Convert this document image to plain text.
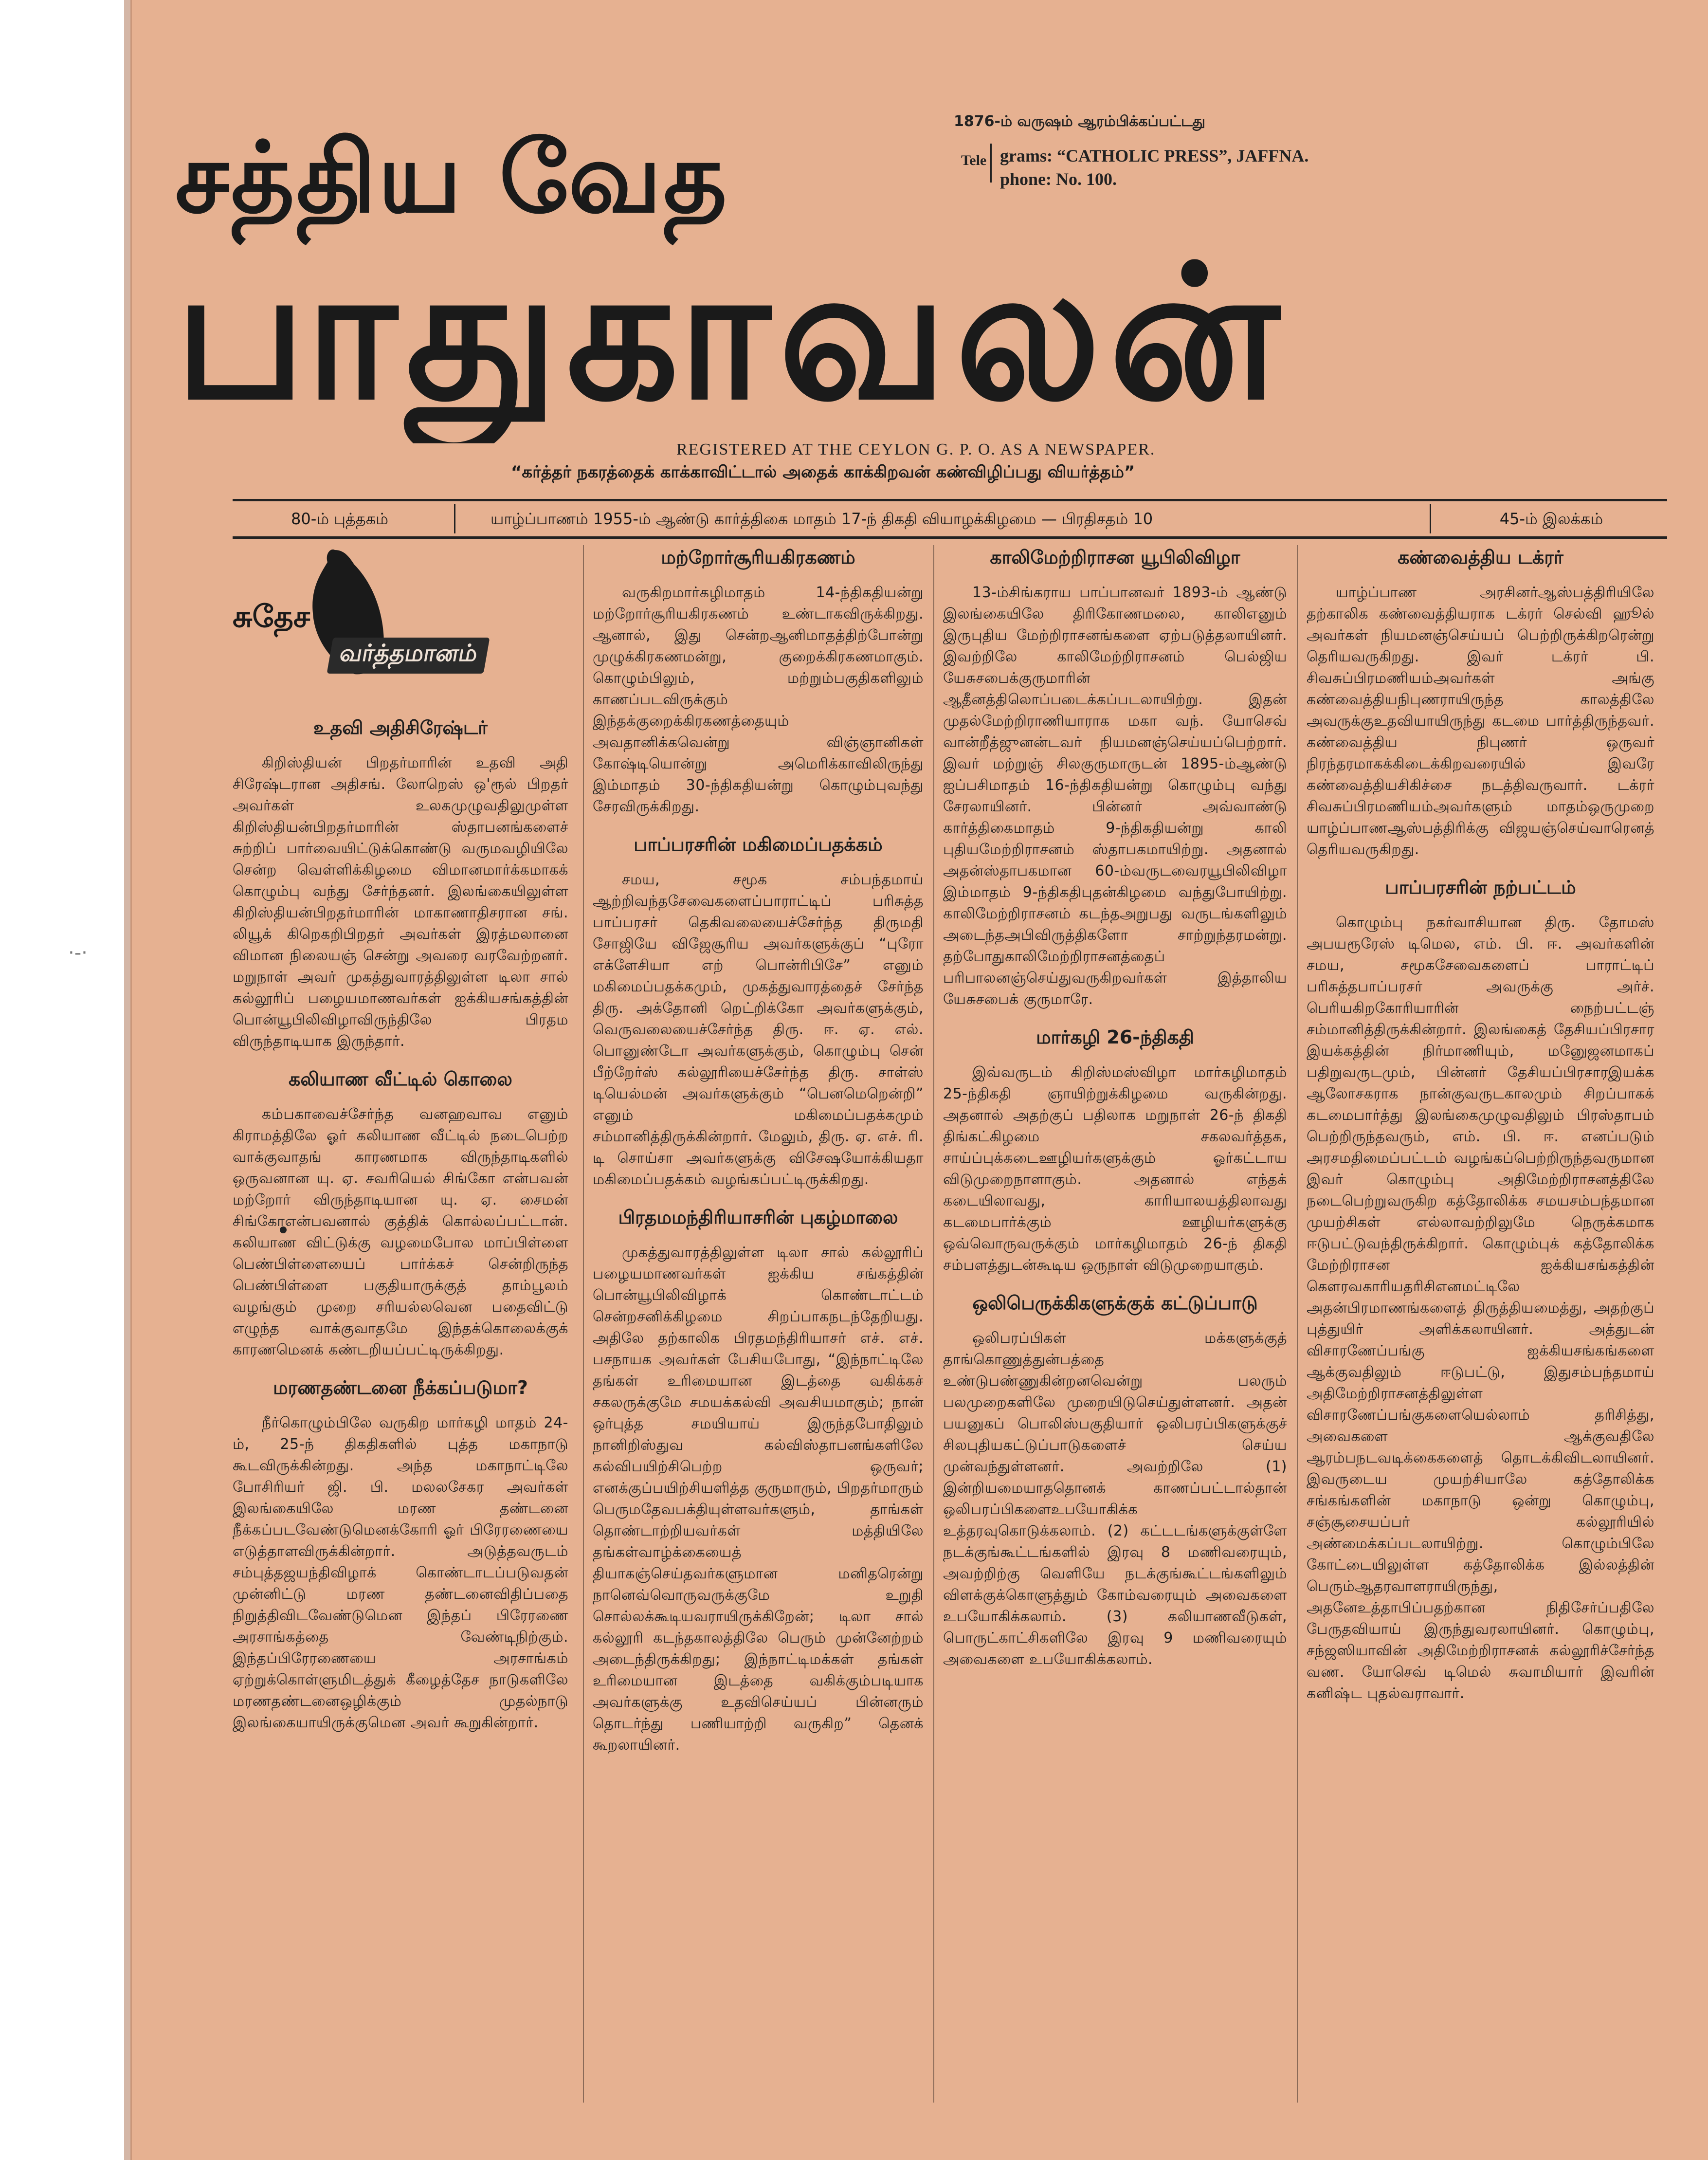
·-·
சத்திய வேத
பாதுகாவலன்
1876-ம் வருஷம் ஆரம்பிக்கப்பட்டது
Tele grams: “CATHOLIC PRESS”, JAFFNA.
phone: No. 100.
REGISTERED AT THE CEYLON G. P. O. AS A NEWSPAPER.
“கர்த்தர் நகரத்தைக் காக்காவிட்டால் அதைக் காக்கிறவன் கண்விழிப்பது வியர்த்தம்”
80-ம் புத்தகம்	யாழ்ப்பாணம் 1955-ம் ஆண்டு கார்த்திகை மாதம் 17-ந் திகதி வியாழக்கிழமை — பிரதிசதம் 10	45-ம் இலக்கம்
சுதேச
வர்த்தமானம்
உதவி அதிசிரேஷ்டர்
கிறிஸ்தியன் பிறதர்மாரின் உதவி அதி சிரேஷ்டரான அதிசங். லோறெஸ் ஒ'ரூல் பிறதர் அவர்கள் உலகமுழுவதிலுமுள்ள கிறிஸ்தியன்பிறதர்மாரின் ஸ்தாபனங்களைச் சுற்றிப் பார்வையிட்டுக்கொண்டு வருமவழியிலே சென்ற வெள்ளிக்கிழமை விமானமார்க்கமாகக் கொழும்பு வந்து சேர்ந்தனர். இலங்கையிலுள்ள கிறிஸ்தியன்பிறதர்மாரின் மாகாணாதிசரான சங். லியூக் கிறெகறிபிறதர் அவர்கள் இரத்மலானை விமான நிலையஞ் சென்று அவரை வரவேற்றனர். மறுநாள் அவர் முகத்துவாரத்திலுள்ள டிலா சால் கல்லூரிப் பழையமாணவர்கள் ஐக்கியசங்கத்தின் பொன்யூபிலிவிழாவிருந்திலே பிரதம விருந்தாடியாக இருந்தார்.
கலியாண வீட்டில் கொலை
கம்பகாவைச்சேர்ந்த வனஹவாவ எனும் கிராமத்திலே ஓர் கலியாண வீட்டில் நடைபெற்ற வாக்குவாதங் காரணமாக விருந்தாடிகளில் ஒருவனான யு. ஏ. சவரியெல் சிங்கோ என்பவன் மற்றோர் விருந்தாடியான யு. ஏ. சைமன் சிங்கோஎன்பவனால் குத்திக் கொல்லப்பட்டான். கலியாண விட்டுக்கு வழமைபோல மாப்பிள்ளை பெண்பிள்ளையைப் பார்க்கச் சென்றிருந்த பெண்பிள்ளை பகுதியாருக்குத் தாம்பூலம் வழங்கும் முறை சரியல்லவென பதைவிட்டு எழுந்த வாக்குவாதமே இந்தக்கொலைக்குக் காரணமெனக் கண்டறியப்பட்டிருக்கிறது.
மரணதண்டனை நீக்கப்படுமா?
நீர்கொழும்பிலே வருகிற மார்கழி மாதம் 24-ம், 25-ந் திகதிகளில் புத்த மகாநாடு கூடவிருக்கின்றது. அந்த மகாநாட்டிலே போசிரியர் ஜி. பி. மலலசேகர அவர்கள் இலங்கையிலே மரண தண்டனை நீக்கப்படவேண்டுமெனக்கோரி ஓர் பிரேரணையை எடுத்தாளவிருக்கின்றார். அடுத்தவருடம் சம்புத்தஜயந்திவிழாக் கொண்டாடப்படுவதன் முன்னிட்டு மரண தண்டனைவிதிப்பதை நிறுத்திவிடவேண்டுமென இந்தப் பிரேரணை அரசாங்கத்தை வேண்டிநிற்கும். இந்தப்பிரேரணையை அரசாங்கம் ஏற்றுக்கொள்ளுமிடத்துக் கீழைத்தேச நாடுகளிலே மரணதண்டனைஒழிக்கும் முதல்நாடு இலங்கையாயிருக்குமென அவர் கூறுகின்றார்.
மற்றோர்சூரியகிரகணம்
வருகிறமார்கழிமாதம் 14-ந்திகதியன்று மற்றோர்சூரியகிரகணம் உண்டாகவிருக்கிறது. ஆனால், இது சென்றஆனிமாதத்திற்போன்று முழுக்கிரகணமன்று, குறைக்கிரகணமாகும். கொழும்பிலும், மற்றும்பகுதிகளிலும் காணப்படவிருக்கும் இந்தக்குறைக்கிரகணத்தையும் அவதானிக்கவென்று விஞ்ஞானிகள் கோஷ்டியொன்று அமெரிக்காவிலிருந்து இம்மாதம் 30-ந்திகதியன்று கொழும்புவந்து சேரவிருக்கிறது.
பாப்பரசரின் மகிமைப்பதக்கம்
சமய, சமூக சம்பந்தமாய் ஆற்றிவந்தசேவைகளைப்பாராட்டிப் பரிசுத்த பாப்பரசர் தெகிவலையைச்சேர்ந்த திருமதி சோஜியே விஜேசூரிய அவர்களுக்குப் “புரோ எக்ளேசியா எற் பொன்ரிபிசே” எனும் மகிமைப்பதக்கமும், முகத்துவாரத்தைச் சேர்ந்த திரு. அக்தோனி றெட்றிக்கோ அவர்களுக்கும், வெருவலையைச்சேர்ந்த திரு. ஈ. ஏ. எல். பொனுண்டோ அவர்களுக்கும், கொழும்பு சென் பீற்றேர்ஸ் கல்லூரியைச்சேர்ந்த திரு. சாள்ஸ் டியெல்மன் அவர்களுக்கும் “பெனமெறென்றி” எனும் மகிமைப்பதக்கமும் சம்மானித்திருக்கின்றார். மேலும், திரு. ஏ. எச். ரி. டி சொய்சா அவர்களுக்கு விசேஷயோக்கியதா மகிமைப்பதக்கம் வழங்கப்பட்டிருக்கிறது.
பிரதமமந்திரியாசரின் புகழ்மாலை
முகத்துவாரத்திலுள்ள டிலா சால் கல்லூரிப் பழையமாணவர்கள் ஐக்கிய சங்கத்தின் பொன்யூபிலிவிழாக் கொண்டாட்டம் சென்றசனிக்கிழமை சிறப்பாகநடந்தேறியது. அதிலே தற்காலிக பிரதமந்திரியாசர் எச். எச். பசநாயக அவர்கள் பேசியபோது, “இந்நாட்டிலே தங்கள் உரிமையான இடத்தை வகிக்கச் சகலருக்குமே சமயக்கல்வி அவசியமாகும்; நான் ஒர்புத்த சமயியாய் இருந்தபோதிலும் நானிறிஸ்துவ கல்விஸ்தாபனங்களிலே கல்விபயிற்சிபெற்ற ஒருவர்; எனக்குப்பயிற்சியளித்த குருமாரும், பிறதர்மாரும் பெருமதேவபக்தியுள்ளவர்களும், தாங்கள் தொண்டாற்றியவர்கள் மத்தியிலே தங்கள்வாழ்க்கையைத் தியாகஞ்செய்தவர்களுமான மனிதரென்று நானெவ்வொருவருக்குமே உறுதி சொல்லக்கூடியவராயிருக்கிறேன்; டிலா சால் கல்லூரி கடந்தகாலத்திலே பெரும் முன்னேற்றம் அடைந்திருக்கிறது; இந்நாட்டிமக்கள் தங்கள் உரிமையான இடத்தை வகிக்கும்படியாக அவர்களுக்கு உதவிசெய்யப் பின்னரும் தொடர்ந்து பணியாற்றி வருகிற” தெனக் கூறலாயினர்.
காலிமேற்றிராசன யூபிலிவிழா
13-ம்சிங்கராய பாப்பானவர் 1893-ம் ஆண்டு இலங்கையிலே திரிகோணமலை, காலிஎனும் இருபுதிய மேற்றிராசனங்களை ஏற்படுத்தலாயினர். இவற்றிலே காலிமேற்றிராசனம் பெல்ஜிய யேசுசபைக்குருமாரின் ஆதீனத்திலொப்படைக்கப்படலாயிற்று. இதன் முதல்மேற்றிராணியாராக மகா வந். யோசெவ் வான்றீத்ஜுனன்டவர் நியமனஞ்செய்யப்பெற்றார். இவர் மற்றுஞ் சிலகுருமாருடன் 1895-ம்ஆண்டு ஐப்பசிமாதம் 16-ந்திகதியன்று கொழும்பு வந்து சேரலாயினர். பின்னர் அவ்வாண்டு கார்த்திகைமாதம் 9-ந்திகதியன்று காலி புதியமேற்றிராசனம் ஸ்தாபகமாயிற்று. அதனால் அதன்ஸ்தாபகமான 60-ம்வருடவைரயூபிலிவிழா இம்மாதம் 9-ந்திகதிபுதன்கிழமை வந்துபோயிற்று. காலிமேற்றிராசனம் கடந்தஅறுபது வருடங்களிலும் அடைந்தஅபிவிருத்திகளோ சாற்றுந்தரமன்று. தற்போதுகாலிமேற்றிராசனத்தைப் பரிபாலனஞ்செய்துவருகிறவர்கள் இத்தாலிய யேசுசபைக் குருமாரே.
மார்கழி 26-ந்திகதி
இவ்வருடம் கிறிஸ்மஸ்விழா மார்கழிமாதம் 25-ந்திகதி ஞாயிற்றுக்கிழமை வருகின்றது. அதனால் அதற்குப் பதிலாக மறுநாள் 26-ந் திகதி திங்கட்கிழமை சகலவர்த்தக, சாய்ப்புக்கடைஊழியர்களுக்கும் ஓர்கட்டாய விடுமுறைநாளாகும். அதனால் எந்தக் கடையிலாவது, காரியாலயத்திலாவது கடமைபார்க்கும் ஊழியர்களுக்கு ஒவ்வொருவருக்கும் மார்கழிமாதம் 26-ந் திகதி சம்பளத்துடன்கூடிய ஒருநாள் விடுமுறையாகும்.
ஒலிபெருக்கிகளுக்குக் கட்டுப்பாடு
ஒலிபரப்பிகள் மக்களுக்குத் தாங்கொணுத்துன்பத்தை உண்டுபண்ணுகின்றனவென்று பலரும் பலமுறைகளிலே முறையிடுசெய்துள்ளனர். அதன் பயனுகப் பொலிஸ்பகுதியார் ஒலிபரப்பிகளுக்குச் சிலபுதியகட்டுப்பாடுகளைச் செய்ய முன்வந்துள்ளனர். அவற்றிலே (1) இன்றியமையாததொனக் காணப்பட்டால்தான் ஒலிபரப்பிகளைஉபயோகிக்க உத்தரவுகொடுக்கலாம். (2) கட்டடங்களுக்குள்ளே நடக்குங்கூட்டங்களில் இரவு 8 மணிவரையும், அவற்றிற்கு வெளியே நடக்குங்கூட்டங்களிலும் விளக்குக்கொளுத்தும் கோம்வரையும் அவைகளை உபயோகிக்கலாம். (3) கலியாணவீடுகள், பொருட்காட்சிகளிலே இரவு 9 மணிவரையும் அவைகளை உபயோகிக்கலாம்.
கண்வைத்திய டக்ரர்
யாழ்ப்பாண அரசினர்ஆஸ்பத்திரியிலே தற்காலிக கண்வைத்தியராக டக்ரர் செல்வி ஹூல் அவர்கள் நியமனஞ்செய்யப் பெற்றிருக்கிறரென்று தெரியவருகிறது. இவர் டக்ரர் பி. சிவசுப்பிரமணியம்அவர்கள் அங்கு கண்வைத்தியநிபுணராயிருந்த காலத்திலே அவருக்குஉதவியாயிருந்து கடமை பார்த்திருந்தவர். கண்வைத்திய நிபுணர் ஒருவர் நிரந்தரமாகக்கிடைக்கிறவரையில் இவரே கண்வைத்தியசிகிச்சை நடத்திவருவார். டக்ரர் சிவசுப்பிரமணியம்அவர்களும் மாதம்ஒருமுறை யாழ்ப்பாணஆஸ்பத்திரிக்கு விஜயஞ்செய்வாரெனத் தெரியவருகிறது.
பாப்பரசரின் நற்பட்டம்
கொழும்பு நகர்வாசியான திரு. தோமஸ் அபயரூரேஸ் டிமெல, எம். பி. ஈ. அவர்களின் சமய, சமூகசேவைகளைப் பாராட்டிப் பரிசுத்தபாப்பரசர் அவருக்கு அர்ச். பெரியகிறகோரியாரின் நைற்பட்டஞ் சம்மானித்திருக்கின்றார். இலங்கைத் தேசியப்பிரசார இயக்கத்தின் நிர்மாணியும், மனுேஜனமாகப் பதிறுவருடமும், பின்னர் தேசியப்பிரசாரஇயக்க ஆலோசகராக நான்குவருடகாலமும் சிறப்பாகக் கடமைபார்த்து இலங்கைமுழுவதிலும் பிரஸ்தாபம் பெற்றிருந்தவரும், எம். பி. ஈ. எனப்படும் அரசமதிமைப்பட்டம் வழங்கப்பெற்றிருந்தவருமான இவர் கொழும்பு அதிமேற்றிராசனத்திலே நடைபெற்றுவருகிற கத்தோலிக்க சமயசம்பந்தமான முயற்சிகள் எல்லாவற்றிலுமே நெருக்கமாக ஈடுபட்டுவந்திருக்கிறார். கொழும்புக் கத்தோலிக்க மேற்றிராசன ஐக்கியசங்கத்தின் கௌரவகாரியதரிசிஎனமட்டிலே அதன்பிரமாணங்களைத் திருத்தியமைத்து, அதற்குப் புத்துயிர் அளிக்கலாயினர். அத்துடன் விசாரணேப்பங்கு ஐக்கியசங்கங்களை ஆக்குவதிலும் ஈடுபட்டு, இதுசம்பந்தமாய் அதிமேற்றிராசனத்திலுள்ள விசாரணேப்பங்குகளையெல்லாம் தரிசித்து, அவைகளை ஆக்குவதிலே ஆரம்பநடவடிக்கைகளைத் தொடக்கிவிடலாயினர். இவருடைய முயற்சியாலே கத்தோலிக்க சங்கங்களின் மகாநாடு ஒன்று கொழும்பு, சஞ்சூசையப்பர் கல்லூரியில் அண்மைக்கப்படலாயிற்று. கொழும்பிலே கோட்டையிலுள்ள கத்தோலிக்க இல்லத்தின் பெரும்ஆதரவாளராயிருந்து, அதனேஉத்தாபிப்பதற்கான நிதிசேர்ப்பதிலே பேருதவியாய் இருந்துவரலாயினர். கொழும்பு, சந்ஜஸியாவின் அதிமேற்றிராசனக் கல்லூரிச்சேர்ந்த வண. யோசெவ் டிமெல் சுவாமியார் இவரின் கனிஷ்ட புதல்வராவார்.
